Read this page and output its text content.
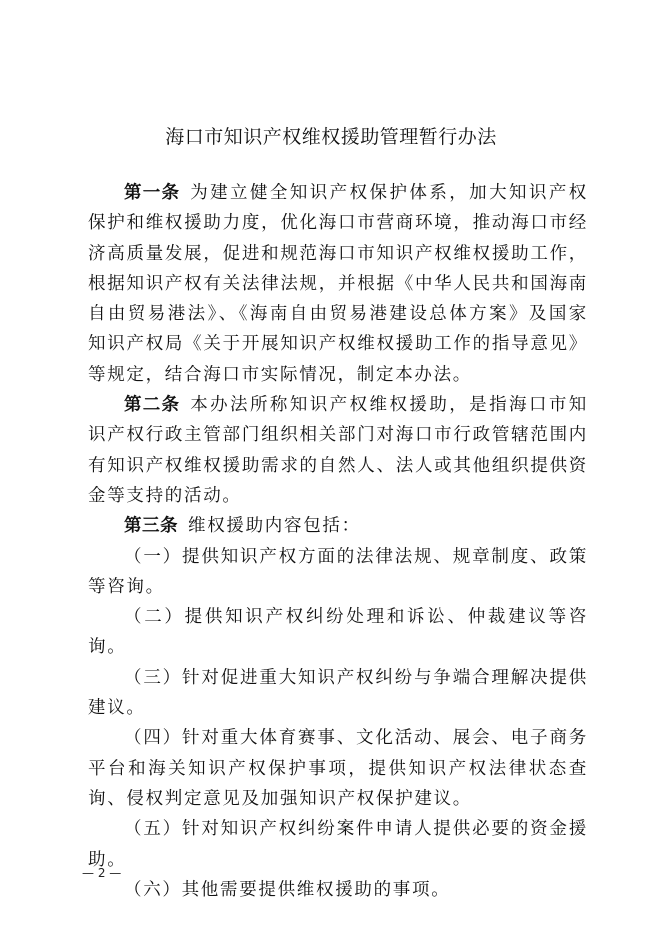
海口市知识产权维权援助管理暂行办法

第一条 为建立健全知识产权保护体系，加大知识产权保护和维权援助力度，优化海口市营商环境，推动海口市经济高质量发展，促进和规范海口市知识产权维权援助工作，根据知识产权有关法律法规，并根据《中华人民共和国海南自由贸易港法》、《海南自由贸易港建设总体方案》及国家知识产权局《关于开展知识产权维权援助工作的指导意见》等规定，结合海口市实际情况，制定本办法。

第二条 本办法所称知识产权维权援助，是指海口市知识产权行政主管部门组织相关部门对海口市行政管辖范围内有知识产权维权援助需求的自然人、法人或其他组织提供资金等支持的活动。

第三条 维权援助内容包括：

（一）提供知识产权方面的法律法规、规章制度、政策等咨询。

（二）提供知识产权纠纷处理和诉讼、仲裁建议等咨询。

（三）针对促进重大知识产权纠纷与争端合理解决提供建议。

（四）针对重大体育赛事、文化活动、展会、电子商务平台和海关知识产权保护事项，提供知识产权法律状态查询、侵权判定意见及加强知识产权保护建议。

（五）针对知识产权纠纷案件申请人提供必要的资金援助。

（六）其他需要提供维权援助的事项。

— 2 —
